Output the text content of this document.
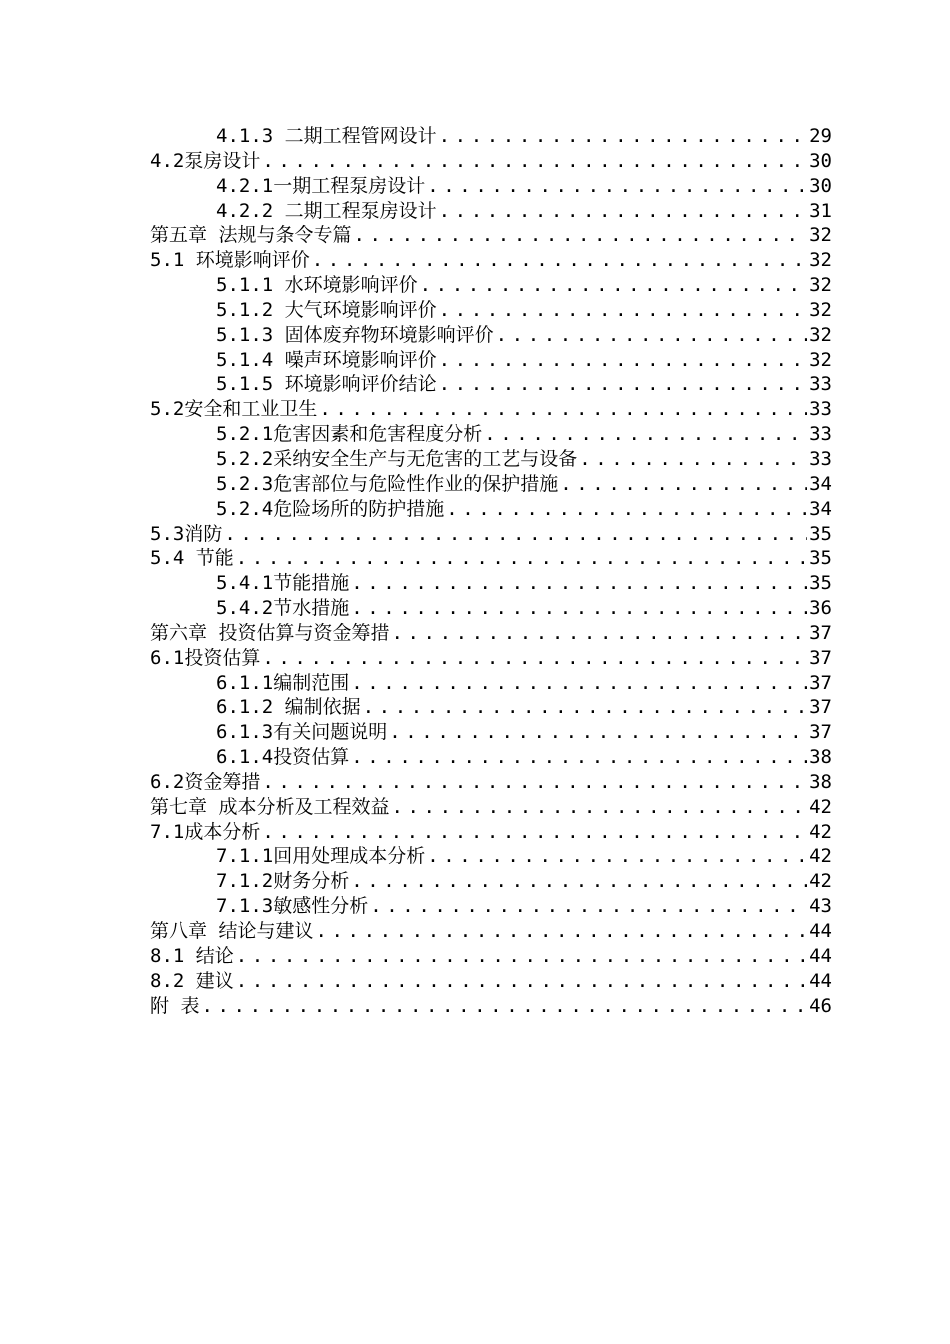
4.1.3 二期工程管网设计 .....	29
4.2泵房设计 .....	30
4.2.1一期工程泵房设计 .....	30
4.2.2 二期工程泵房设计 .....	31
第五章 法规与条令专篇 .....	32
5.1 环境影响评价 .....	32
5.1.1 水环境影响评价 .....	32
5.1.2 大气环境影响评价 .....	32
5.1.3 固体废弃物环境影响评价 .....	32
5.1.4 噪声环境影响评价 .....	32
5.1.5 环境影响评价结论 .....	33
5.2安全和工业卫生 .....	33
5.2.1危害因素和危害程度分析 .....	33
5.2.2采纳安全生产与无危害的工艺与设备 .....	33
5.2.3危害部位与危险性作业的保护措施 .....	34
5.2.4危险场所的防护措施 .....	34
5.3消防 .....	35
5.4 节能 .....	35
5.4.1节能措施 .....	35
5.4.2节水措施 .....	36
第六章 投资估算与资金筹措 .....	37
6.1投资估算 .....	37
6.1.1编制范围 .....	37
6.1.2 编制依据 .....	37
6.1.3有关问题说明 .....	37
6.1.4投资估算 .....	38
6.2资金筹措 .....	38
第七章 成本分析及工程效益 .....	42
7.1成本分析 .....	42
7.1.1回用处理成本分析 .....	42
7.1.2财务分析 .....	42
7.1.3敏感性分析 .....	43
第八章 结论与建议 .....	44
8.1 结论 .....	44
8.2 建议 .....	44
附 表 .....	46
